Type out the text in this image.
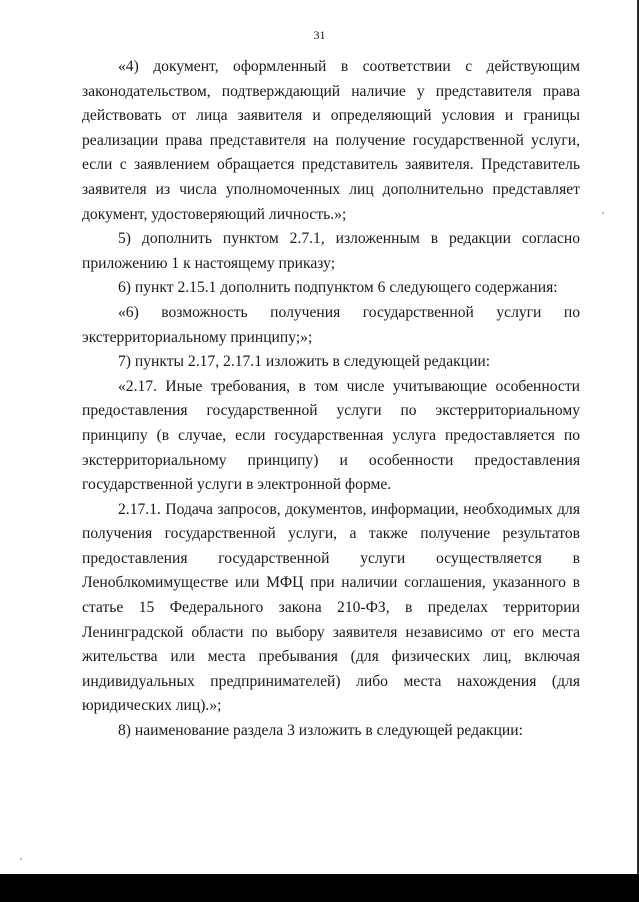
31

«4) документ, оформленный в соответствии с действующим законодательством, подтверждающий наличие у представителя права действовать от лица заявителя и определяющий условия и границы реализации права представителя на получение государственной услуги, если с заявлением обращается представитель заявителя. Представитель заявителя из числа уполномоченных лиц дополнительно представляет документ, удостоверяющий личность.»;

5) дополнить пунктом 2.7.1, изложенным в редакции согласно приложению 1 к настоящему приказу;

6) пункт 2.15.1 дополнить подпунктом 6 следующего содержания:

«6) возможность получения государственной услуги по экстерриториальному принципу;»;

7) пункты 2.17, 2.17.1 изложить в следующей редакции:

«2.17. Иные требования, в том числе учитывающие особенности предоставления государственной услуги по экстерриториальному принципу (в случае, если государственная услуга предоставляется по экстерриториальному принципу) и особенности предоставления государственной услуги в электронной форме.

2.17.1. Подача запросов, документов, информации, необходимых для получения государственной услуги, а также получение результатов предоставления государственной услуги осуществляется в Леноблкомимуществе или МФЦ при наличии соглашения, указанного в статье 15 Федерального закона 210-ФЗ, в пределах территории Ленинградской области по выбору заявителя независимо от его места жительства или места пребывания (для физических лиц, включая индивидуальных предпринимателей) либо места нахождения (для юридических лиц).»;

8) наименование раздела 3 изложить в следующей редакции:
